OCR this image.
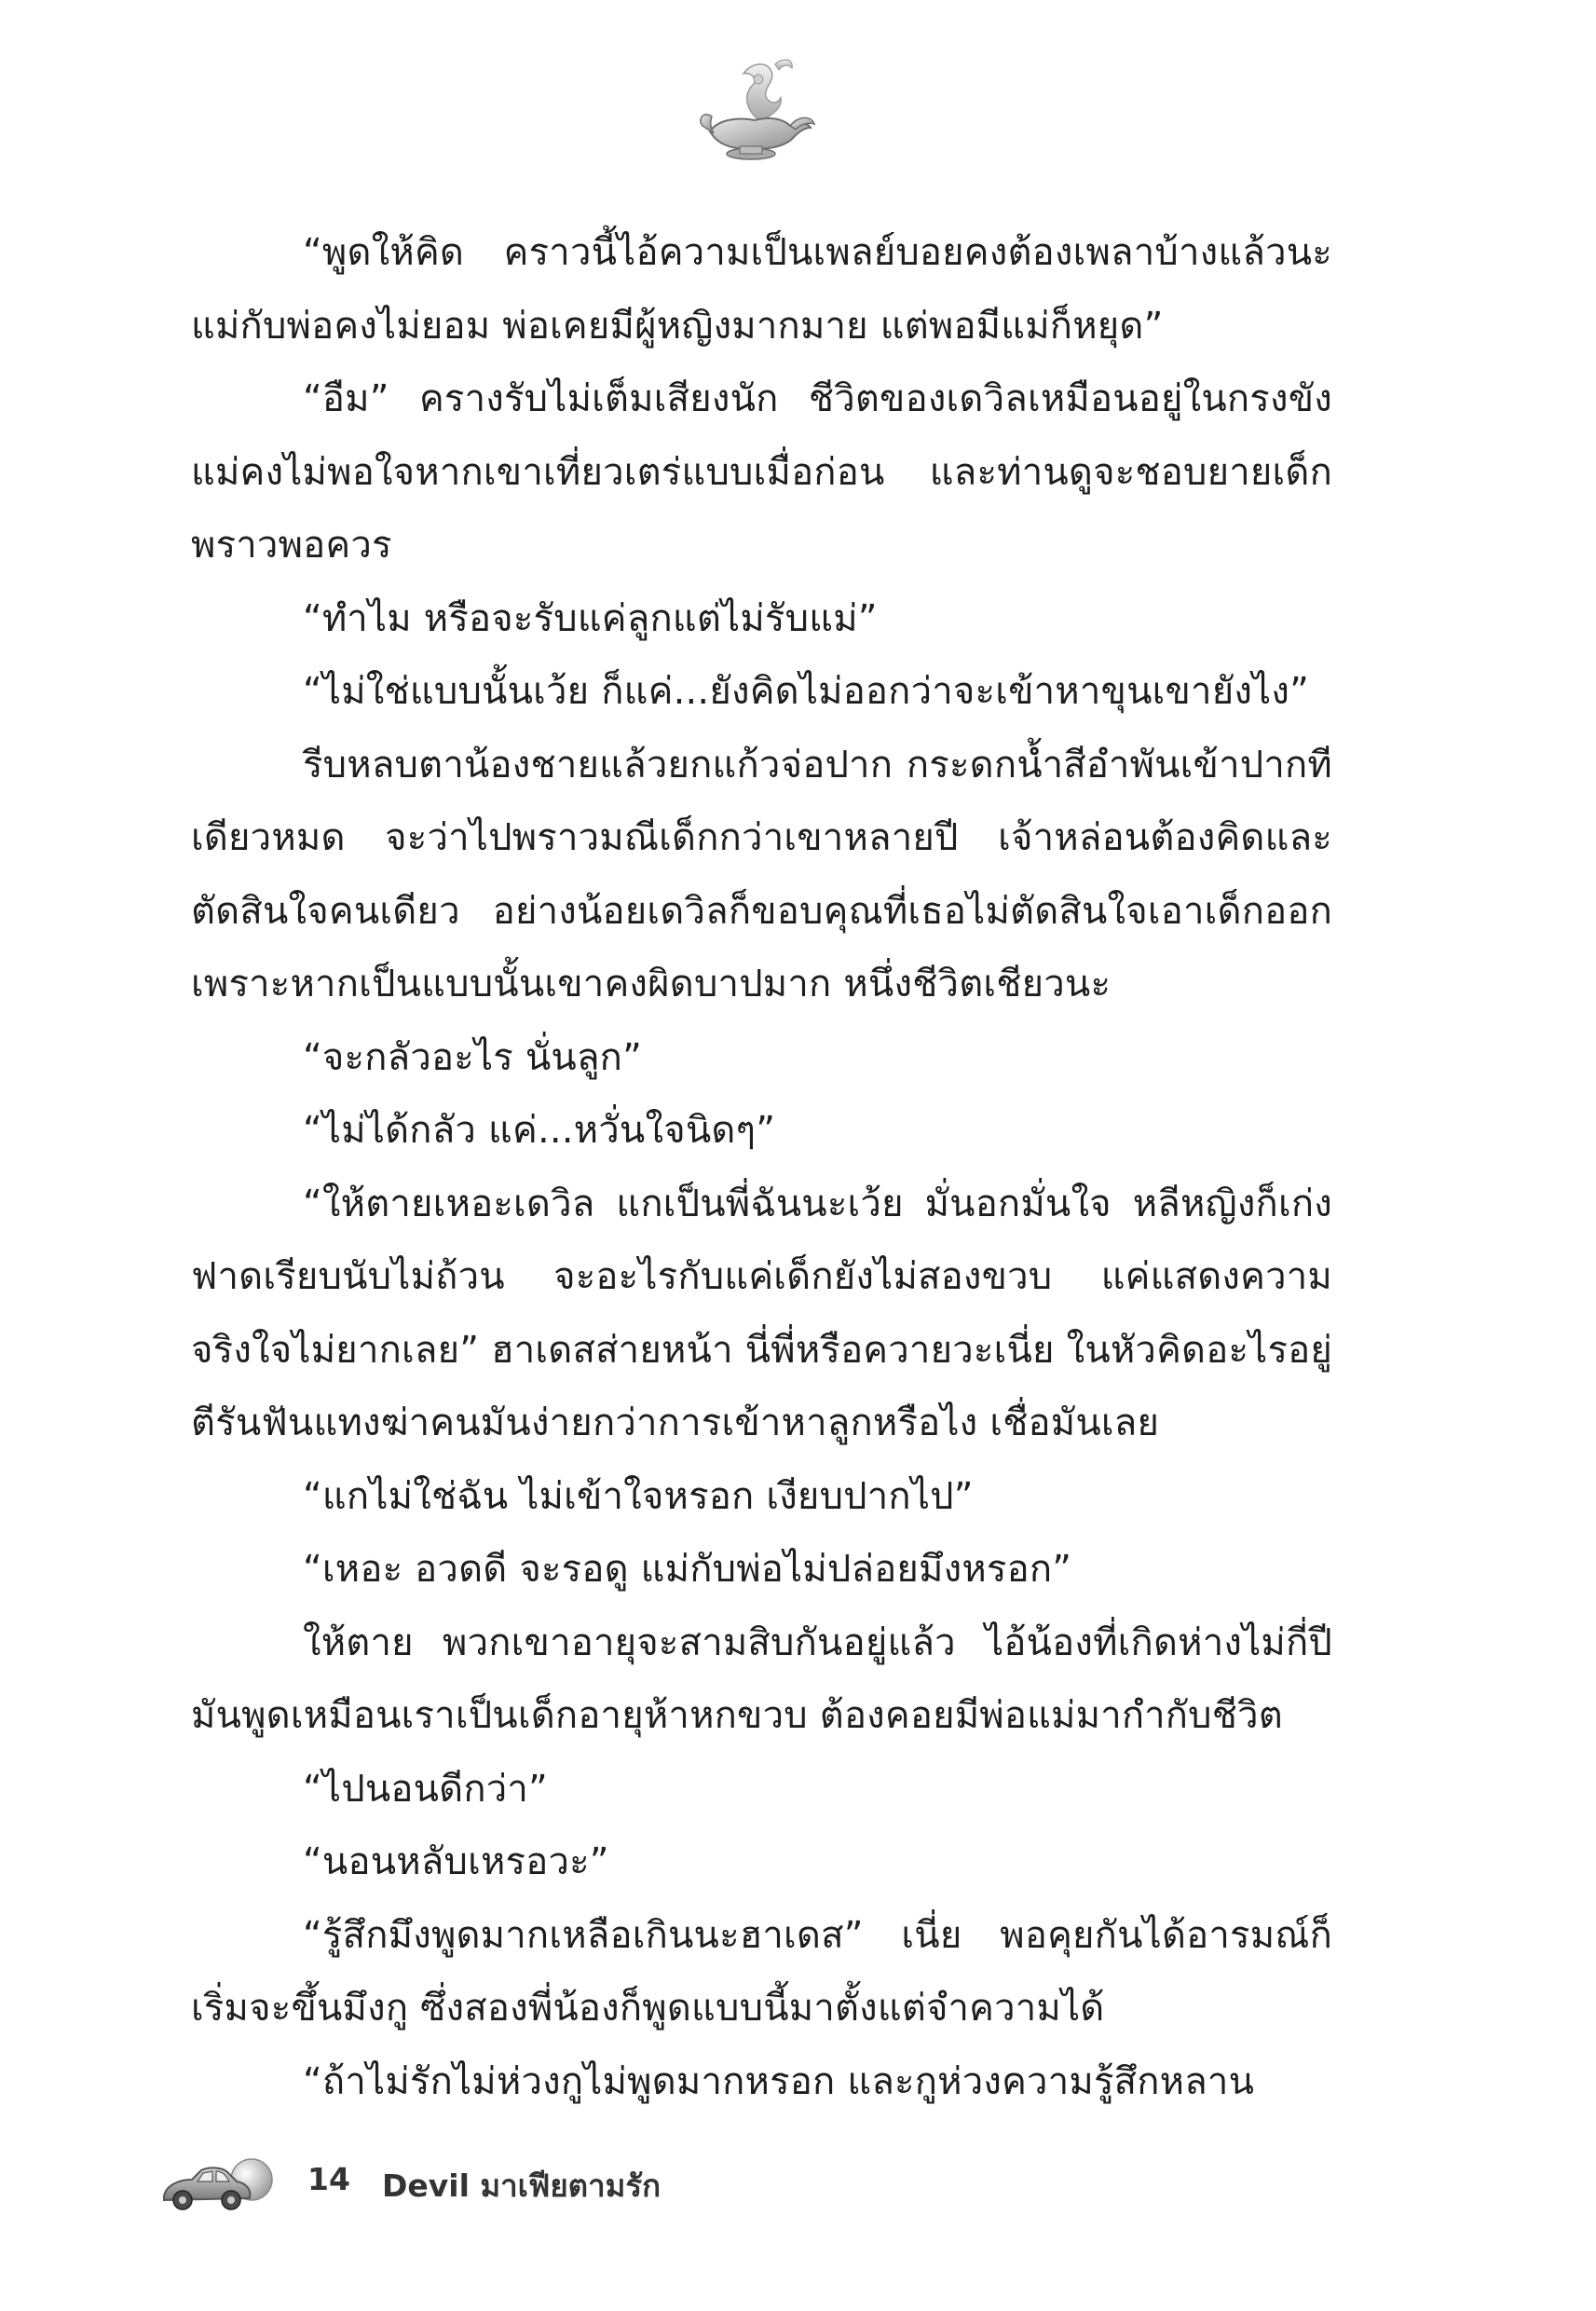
“พูดให้คิด คราวนี้ไอ้ความเป็นเพลย์บอยคงต้องเพลาบ้างแล้วนะ แม่กับพ่อคงไม่ยอม พ่อเคยมีผู้หญิงมากมาย แต่พอมีแม่ก็หยุด”

“อืม” ครางรับไม่เต็มเสียงนัก ชีวิตของเดวิลเหมือนอยู่ในกรงขัง แม่คงไม่พอใจหากเขาเที่ยวเตร่แบบเมื่อก่อน และท่านดูจะชอบยายเด็กพราวพอควร

“ทำไม หรือจะรับแค่ลูกแต่ไม่รับแม่”

“ไม่ใช่แบบนั้นเว้ย ก็แค่...ยังคิดไม่ออกว่าจะเข้าหาขุนเขายังไง”

รีบหลบตาน้องชายแล้วยกแก้วจ่อปาก กระดกน้ำสีอำพันเข้าปากทีเดียวหมด จะว่าไปพราวมณีเด็กกว่าเขาหลายปี เจ้าหล่อนต้องคิดและตัดสินใจคนเดียว อย่างน้อยเดวิลก็ขอบคุณที่เธอไม่ตัดสินใจเอาเด็กออก เพราะหากเป็นแบบนั้นเขาคงผิดบาปมาก หนึ่งชีวิตเชียวนะ

“จะกลัวอะไร นั่นลูก”

“ไม่ได้กลัว แค่...หวั่นใจนิดๆ”

“ให้ตายเหอะเดวิล แกเป็นพี่ฉันนะเว้ย มั่นอกมั่นใจ หลีหญิงก็เก่ง ฟาดเรียบนับไม่ถ้วน จะอะไรกับแค่เด็กยังไม่สองขวบ แค่แสดงความจริงใจไม่ยากเลย” ฮาเดสส่ายหน้า นี่พี่หรือควายวะเนี่ย ในหัวคิดอะไรอยู่ ตีรันฟันแทงฆ่าคนมันง่ายกว่าการเข้าหาลูกหรือไง เชื่อมันเลย

“แกไม่ใช่ฉัน ไม่เข้าใจหรอก เงียบปากไป”

“เหอะ อวดดี จะรอดู แม่กับพ่อไม่ปล่อยมึงหรอก”

ให้ตาย พวกเขาอายุจะสามสิบกันอยู่แล้ว ไอ้น้องที่เกิดห่างไม่กี่ปีมันพูดเหมือนเราเป็นเด็กอายุห้าหกขวบ ต้องคอยมีพ่อแม่มากำกับชีวิต

“ไปนอนดีกว่า”

“นอนหลับเหรอวะ”

“รู้สึกมึงพูดมากเหลือเกินนะฮาเดส” เนี่ย พอคุยกันได้อารมณ์ก็เริ่มจะขึ้นมึงกู ซึ่งสองพี่น้องก็พูดแบบนี้มาตั้งแต่จำความได้

“ถ้าไม่รักไม่ห่วงกูไม่พูดมากหรอก และกูห่วงความรู้สึกหลาน

14 Devil มาเฟียตามรัก
